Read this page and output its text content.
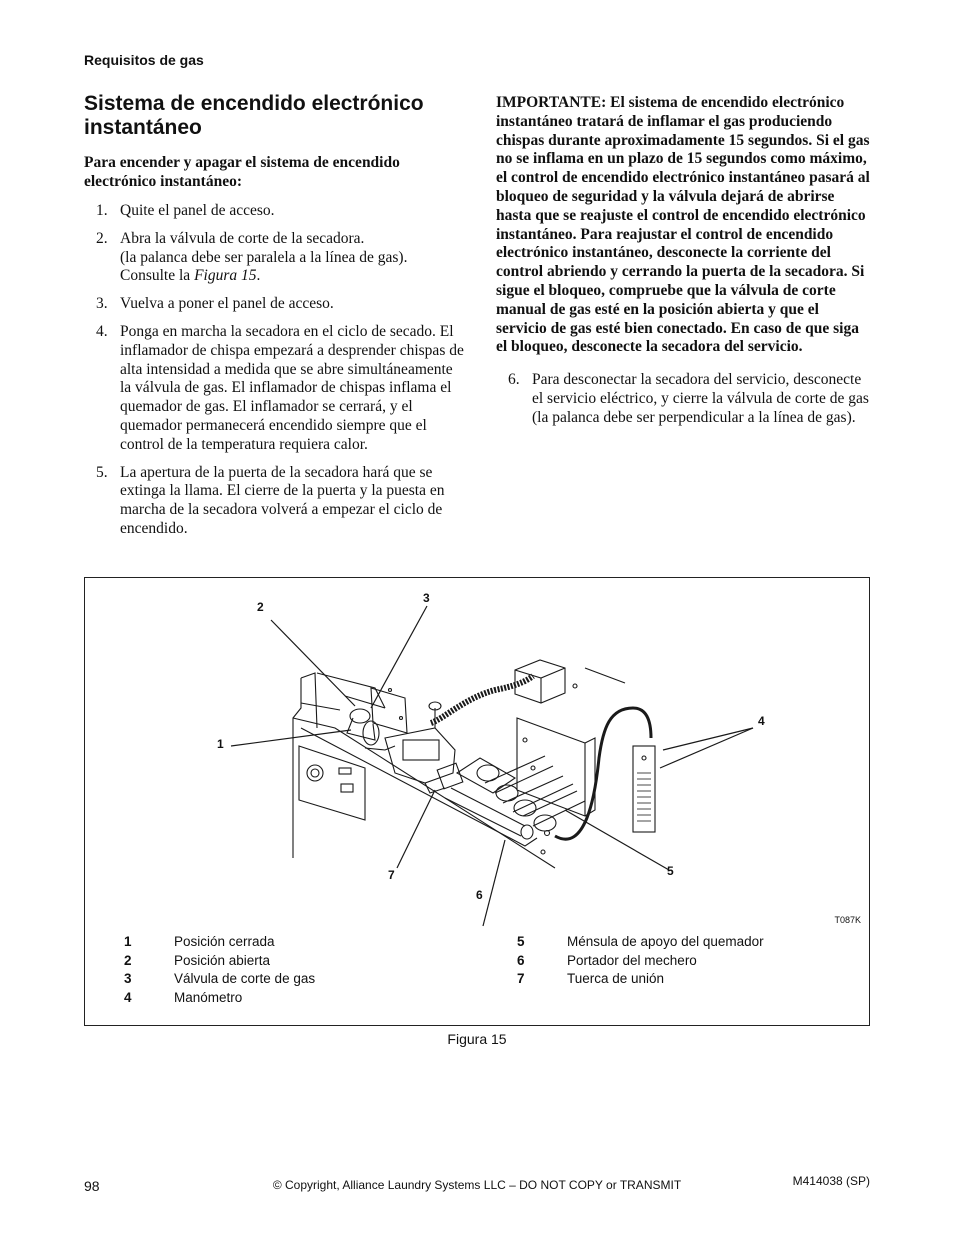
Requisitos de gas
Sistema de encendido electrónico instantáneo

Para encender y apagar el sistema de encendido electrónico instantáneo:

1. Quite el panel de acceso.
2. Abra la válvula de corte de la secadora.
(la palanca debe ser paralela a la línea de gas). Consulte la Figura 15.
3. Vuelva a poner el panel de acceso.
4. Ponga en marcha la secadora en el ciclo de secado. El inflamador de chispa empezará a desprender chispas de alta intensidad a medida que se abre simultáneamente la válvula de gas. El inflamador de chispas inflama el quemador de gas. El inflamador se cerrará, y el quemador permanecerá encendido siempre que el control de la temperatura requiera calor.
5. La apertura de la puerta de la secadora hará que se extinga la llama. El cierre de la puerta y la puesta en marcha de la secadora volverá a empezar el ciclo de encendido.

IMPORTANTE: El sistema de encendido electrónico instantáneo tratará de inflamar el gas produciendo chispas durante aproximadamente 15 segundos. Si el gas no se inflama en un plazo de 15 segundos como máximo, el control de encendido electrónico instantáneo pasará al bloqueo de seguridad y la válvula dejará de abrirse hasta que se reajuste el control de encendido electrónico instantáneo. Para reajustar el control de encendido electrónico instantáneo, desconecte la corriente del control abriendo y cerrando la puerta de la secadora. Si sigue el bloqueo, compruebe que la válvula de corte manual de gas esté en la posición abierta y que el servicio de gas esté bien conectado. En caso de que siga el bloqueo, desconecte la secadora del servicio.

6. Para desconectar la secadora del servicio, desconecte el servicio eléctrico, y cierre la válvula de corte de gas (la palanca debe ser perpendicular a la línea de gas).
2
3
1
4
5
6
7
T087K
1	Posición cerrada
2	Posición abierta
3	Válvula de corte de gas
4	Manómetro
5	Ménsula de apoyo del quemador
6	Portador del mechero
7	Tuerca de unión
Figura 15
98	© Copyright, Alliance Laundry Systems LLC – DO NOT COPY or TRANSMIT	M414038 (SP)
